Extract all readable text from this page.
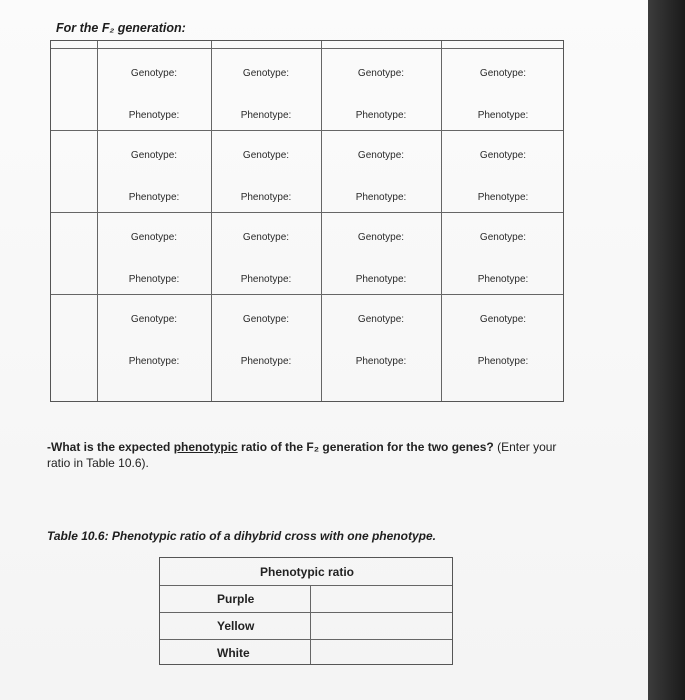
For the F₂ generation:
Genotype:
Phenotype:
Genotype:
Phenotype:
Genotype:
Phenotype:
Genotype:
Phenotype:
Genotype:
Phenotype:
Genotype:
Phenotype:
Genotype:
Phenotype:
Genotype:
Phenotype:
Genotype:
Phenotype:
Genotype:
Phenotype:
Genotype:
Phenotype:
Genotype:
Phenotype:
Genotype:
Phenotype:
Genotype:
Phenotype:
Genotype:
Phenotype:
Genotype:
Phenotype:
-What is the expected phenotypic ratio of the F₂ generation for the two genes? (Enter your ratio in Table 10.6).
Table 10.6: Phenotypic ratio of a dihybrid cross with one phenotype.
Phenotypic ratio
Purple
Yellow
White
